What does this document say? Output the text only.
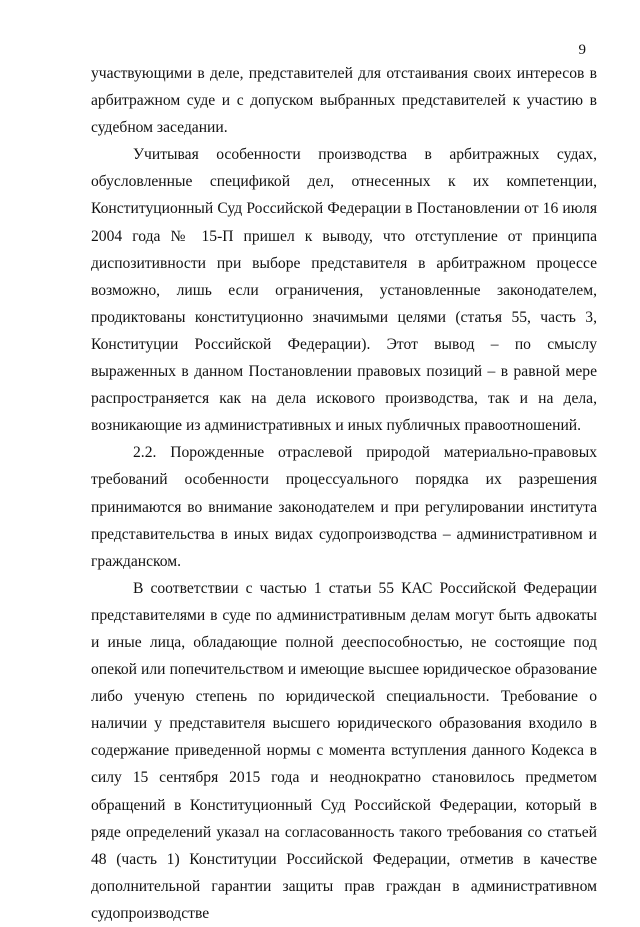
9

участвующими в деле, представителей для отстаивания своих интересов в арбитражном суде и с допуском выбранных представителей к участию в судебном заседании.

Учитывая особенности производства в арбитражных судах, обусловленные спецификой дел, отнесенных к их компетенции, Конституционный Суд Российской Федерации в Постановлении от 16 июля 2004 года № 15-П пришел к выводу, что отступление от принципа диспозитивности при выборе представителя в арбитражном процессе возможно, лишь если ограничения, установленные законодателем, продиктованы конституционно значимыми целями (статья 55, часть 3, Конституции Российской Федерации). Этот вывод – по смыслу выраженных в данном Постановлении правовых позиций – в равной мере распространяется как на дела искового производства, так и на дела, возникающие из административных и иных публичных правоотношений.

2.2. Порожденные отраслевой природой материально-правовых требований особенности процессуального порядка их разрешения принимаются во внимание законодателем и при регулировании института представительства в иных видах судопроизводства – административном и гражданском.

В соответствии с частью 1 статьи 55 КАС Российской Федерации представителями в суде по административным делам могут быть адвокаты и иные лица, обладающие полной дееспособностью, не состоящие под опекой или попечительством и имеющие высшее юридическое образование либо ученую степень по юридической специальности. Требование о наличии у представителя высшего юридического образования входило в содержание приведенной нормы с момента вступления данного Кодекса в силу 15 сентября 2015 года и неоднократно становилось предметом обращений в Конституционный Суд Российской Федерации, который в ряде определений указал на согласованность такого требования со статьей 48 (часть 1) Конституции Российской Федерации, отметив в качестве дополнительной гарантии защиты прав граждан в административном судопроизводстве
